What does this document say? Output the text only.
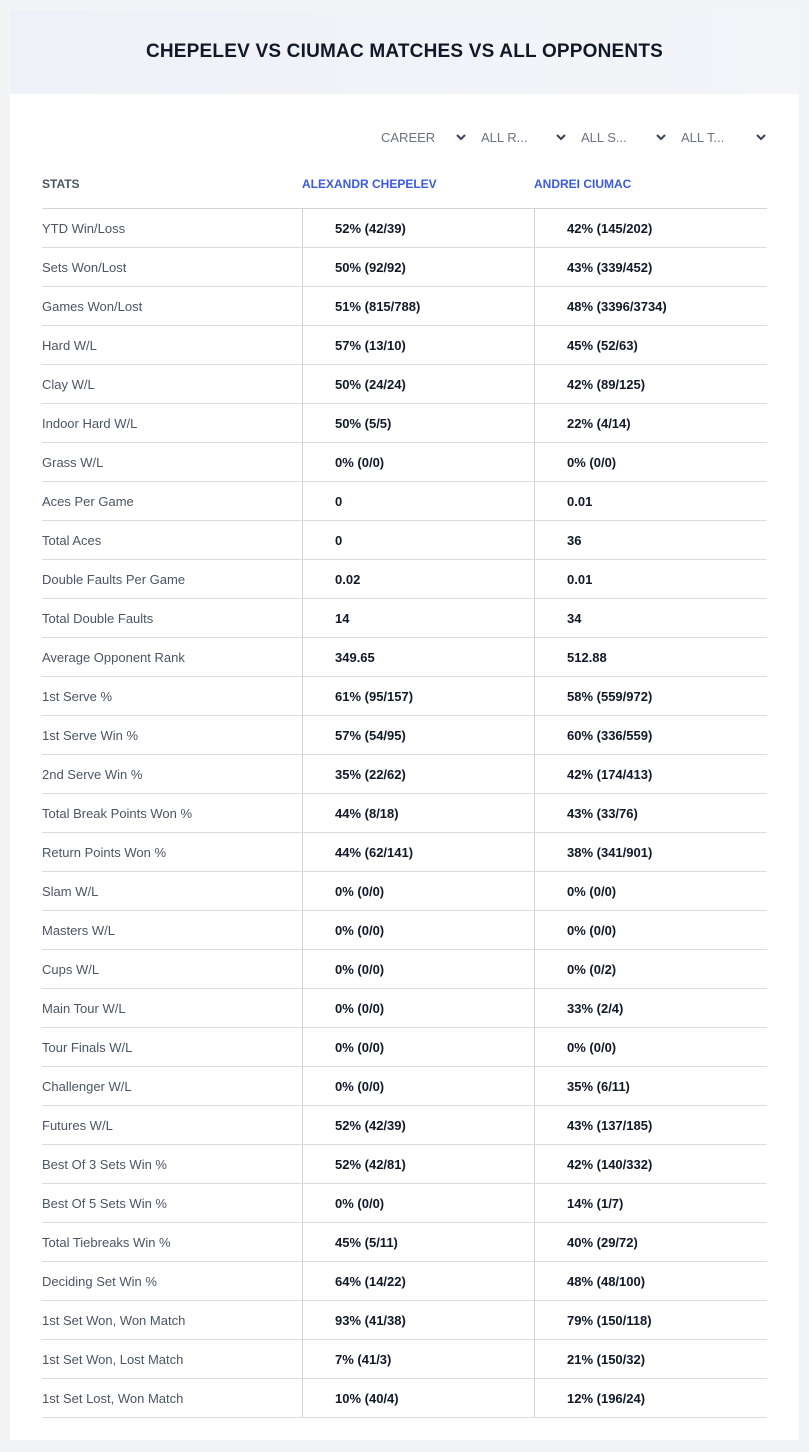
CHEPELEV VS CIUMAC MATCHES VS ALL OPPONENTS
CAREER	ALL R...	ALL S...	ALL T...
STATS	ALEXANDR CHEPELEV	ANDREI CIUMAC
YTD Win/Loss	52% (42/39)	42% (145/202)
Sets Won/Lost	50% (92/92)	43% (339/452)
Games Won/Lost	51% (815/788)	48% (3396/3734)
Hard W/L	57% (13/10)	45% (52/63)
Clay W/L	50% (24/24)	42% (89/125)
Indoor Hard W/L	50% (5/5)	22% (4/14)
Grass W/L	0% (0/0)	0% (0/0)
Aces Per Game	0	0.01
Total Aces	0	36
Double Faults Per Game	0.02	0.01
Total Double Faults	14	34
Average Opponent Rank	349.65	512.88
1st Serve %	61% (95/157)	58% (559/972)
1st Serve Win %	57% (54/95)	60% (336/559)
2nd Serve Win %	35% (22/62)	42% (174/413)
Total Break Points Won %	44% (8/18)	43% (33/76)
Return Points Won %	44% (62/141)	38% (341/901)
Slam W/L	0% (0/0)	0% (0/0)
Masters W/L	0% (0/0)	0% (0/0)
Cups W/L	0% (0/0)	0% (0/2)
Main Tour W/L	0% (0/0)	33% (2/4)
Tour Finals W/L	0% (0/0)	0% (0/0)
Challenger W/L	0% (0/0)	35% (6/11)
Futures W/L	52% (42/39)	43% (137/185)
Best Of 3 Sets Win %	52% (42/81)	42% (140/332)
Best Of 5 Sets Win %	0% (0/0)	14% (1/7)
Total Tiebreaks Win %	45% (5/11)	40% (29/72)
Deciding Set Win %	64% (14/22)	48% (48/100)
1st Set Won, Won Match	93% (41/38)	79% (150/118)
1st Set Won, Lost Match	7% (41/3)	21% (150/32)
1st Set Lost, Won Match	10% (40/4)	12% (196/24)
